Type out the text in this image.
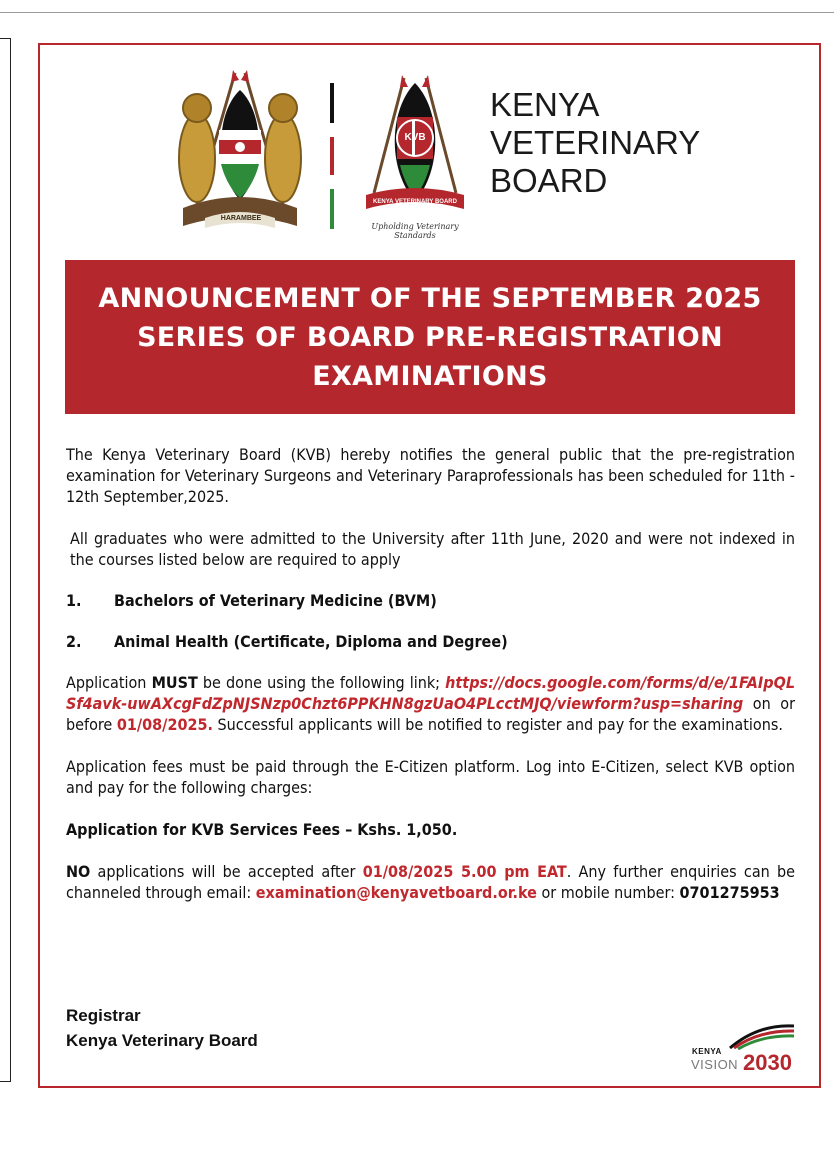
HARAMBEE
KVB
KENYA VETERINARY BOARD
Upholding Veterinary Standards
KENYA
VETERINARY
BOARD
ANNOUNCEMENT OF THE SEPTEMBER 2025
SERIES OF BOARD PRE-REGISTRATION
EXAMINATIONS

The Kenya Veterinary Board (KVB) hereby notifies the general public that the pre-registration examination for Veterinary Surgeons and Veterinary Paraprofessionals has been scheduled for 11th - 12th September,2025.

All graduates who were admitted to the University after 11th June, 2020 and were not indexed in the courses listed below are required to apply

1.	Bachelors of Veterinary Medicine (BVM)
2.	Animal Health (Certificate, Diploma and Degree)

Application MUST be done using the following link; https://docs.google.com/forms/d/e/1FAIpQLSf4avk-uwAXcgFdZpNJSNzp0Chzt6PPKHN8gzUaO4PLcctMJQ/viewform?usp=sharing on or before 01/08/2025. Successful applicants will be notified to register and pay for the examinations.

Application fees must be paid through the E-Citizen platform. Log into E-Citizen, select KVB option and pay for the following charges:

Application for KVB Services Fees – Kshs. 1,050.

NO applications will be accepted after 01/08/2025 5.00 pm EAT. Any further enquiries can be channeled through email: examination@kenyavetboard.or.ke or mobile number: 0701275953

Registrar
Kenya Veterinary Board
KENYA
VISION 2030
